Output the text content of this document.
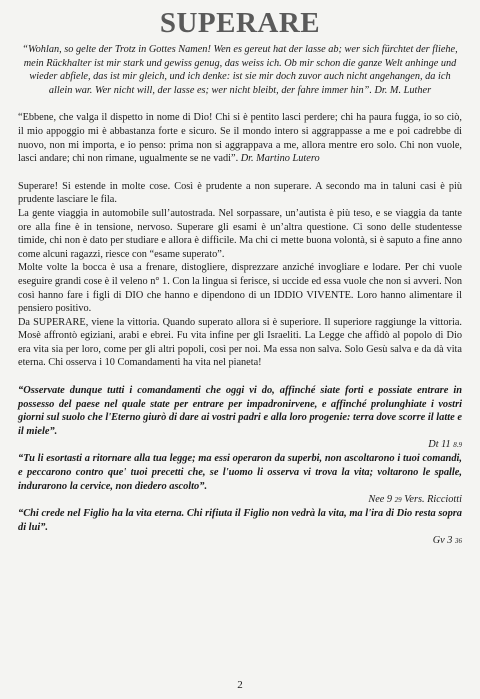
SUPERARE

“Wohlan, so gelte der Trotz in Gottes Namen! Wen es gereut hat der lasse ab; wer sich fürchtet der fliehe, mein Rückhalter ist mir stark und gewiss genug, das weiss ich. Ob mir schon die ganze Welt anhinge und wieder abfiele, das ist mir gleich, und ich denke: ist sie mir doch zuvor auch nicht angehangen, da ich allein war. Wer nicht will, der lasse es; wer nicht bleibt, der fahre immer hin”. Dr. M. Luther

“Ebbene, che valga il dispetto in nome di Dio! Chi si è pentito lasci perdere; chi ha paura fugga, io so ciò, il mio appoggio mi è abbastanza forte e sicuro. Se il mondo intero si aggrappasse a me e poi cadrebbe di nuovo, non mi importa, e io penso: prima non si aggrappava a me, allora mentre ero solo. Chi non vuole, lasci andare; chi non rimane, ugualmente se ne vadi”. Dr. Martino Lutero

Superare! Si estende in molte cose. Così è prudente a non superare. A secondo ma in taluni casi è più prudente lasciare le fila.

La gente viaggia in automobile sull’autostrada. Nel sorpassare, un’autista è più teso, e se viaggia da tante ore alla fine è in tensione, nervoso. Superare gli esami è un’altra questione. Ci sono delle studentesse timide, chi non è dato per studiare e allora è difficile. Ma chi ci mette buona volontà, si è saputo a fine anno come alcuni ragazzi, riesce con “esame superato”.

Molte volte la bocca è usa a frenare, distogliere, disprezzare anziché invogliare e lodare. Per chi vuole eseguire grandi cose è il veleno n° 1. Con la lingua si ferisce, si uccide ed essa vuole che non si avveri. Non così hanno fare i figli di DIO che hanno e dipendono di un IDDIO VIVENTE. Loro hanno alimentare il pensiero positivo.

Da SUPERARE, viene la vittoria. Quando superato allora si è superiore. Il superiore raggiunge la vittoria. Mosè affrontò egiziani, arabi e ebrei. Fu vita infine per gli Israeliti. La Legge che affidò al popolo di Dio era vita sia per loro, come per gli altri popoli, così per noi. Ma essa non salva. Solo Gesù salva e da dà vita eterna. Chi osserva i 10 Comandamenti ha vita nel pianeta!

“Osservate dunque tutti i comandamenti che oggi vi do, affinché siate forti e possiate entrare in possesso del paese nel quale state per entrare per impadronirvene, e affinché prolunghiate i vostri giorni sul suolo che l'Eterno giurò di dare ai vostri padri e alla loro progenie: terra dove scorre il latte e il miele”.

Dt 11 8.9

“Tu li esortasti a ritornare alla tua legge; ma essi operaron da superbi, non ascoltarono i tuoi comandi, e peccarono contro que' tuoi precetti che, se l'uomo li osserva vi trova la vita; voltarono le spalle, indurarono la cervice, non diedero ascolto”.

Nee 9 29 Vers. Ricciotti

“Chi crede nel Figlio ha la vita eterna. Chi rifiuta il Figlio non vedrà la vita, ma l'ira di Dio resta sopra di lui”.

Gv 3 36

2
